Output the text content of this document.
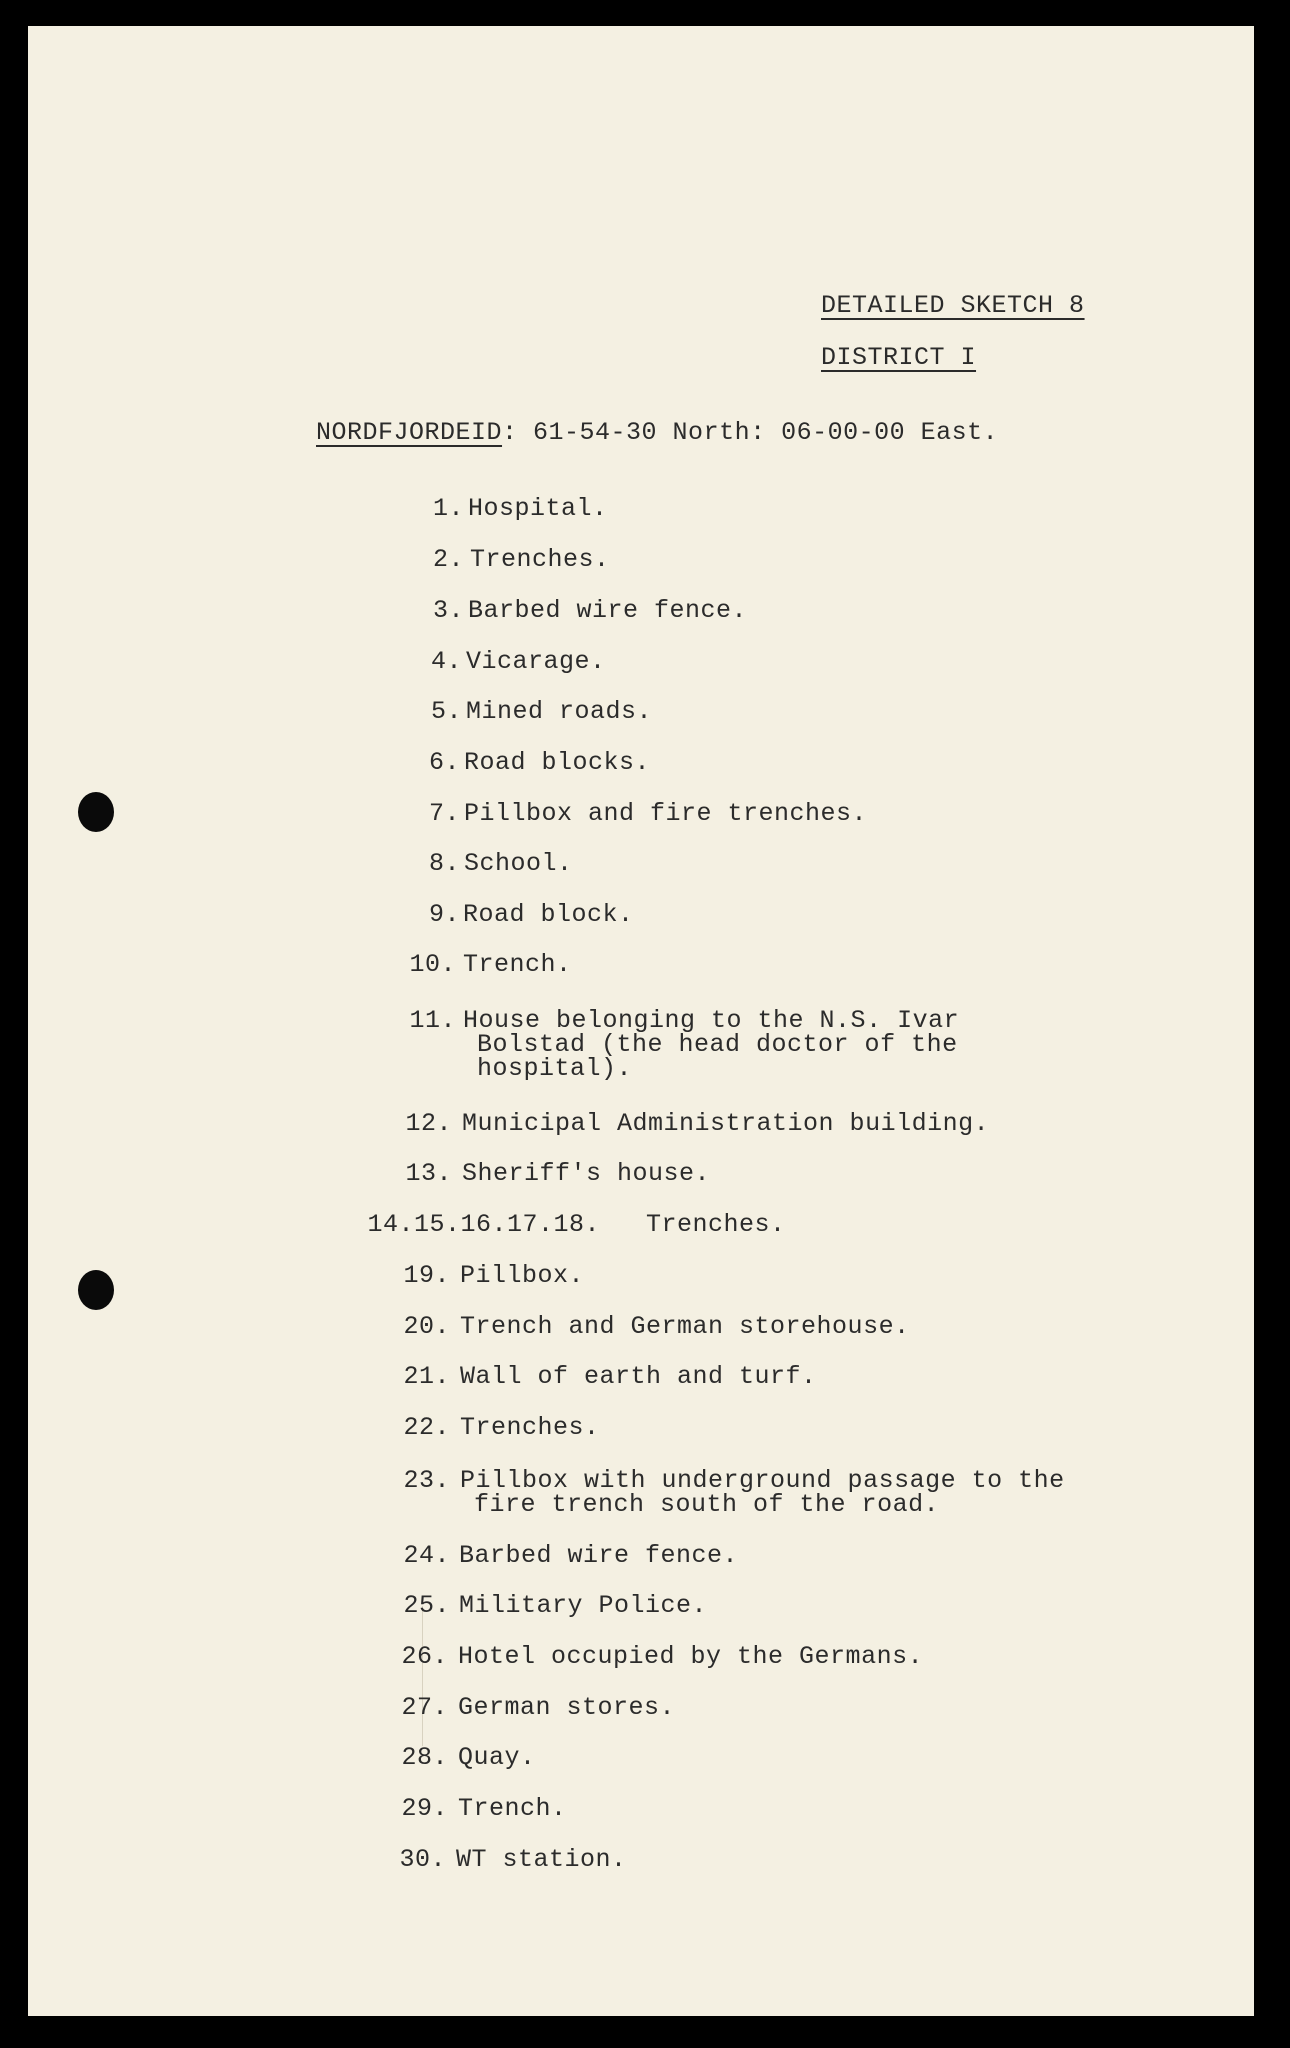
DETAILED SKETCH 8
DISTRICT I
NORDFJORDEID: 61-54-30 North: 06-00-00 East.
1. Hospital.
2. Trenches.
3. Barbed wire fence.
4. Vicarage.
5. Mined roads.
6. Road blocks.
7. Pillbox and fire trenches.
8. School.
9. Road block.
10. Trench.
11. House belonging to the N.S. Ivar
Bolstad (the head doctor of the
hospital).
12. Municipal Administration building.
13. Sheriff's house.
14.15.16.17.18. Trenches.
19. Pillbox.
20. Trench and German storehouse.
21. Wall of earth and turf.
22. Trenches.
23. Pillbox with underground passage to the
fire trench south of the road.
24. Barbed wire fence.
25. Military Police.
26. Hotel occupied by the Germans.
27. German stores.
28. Quay.
29. Trench.
30. WT station.
